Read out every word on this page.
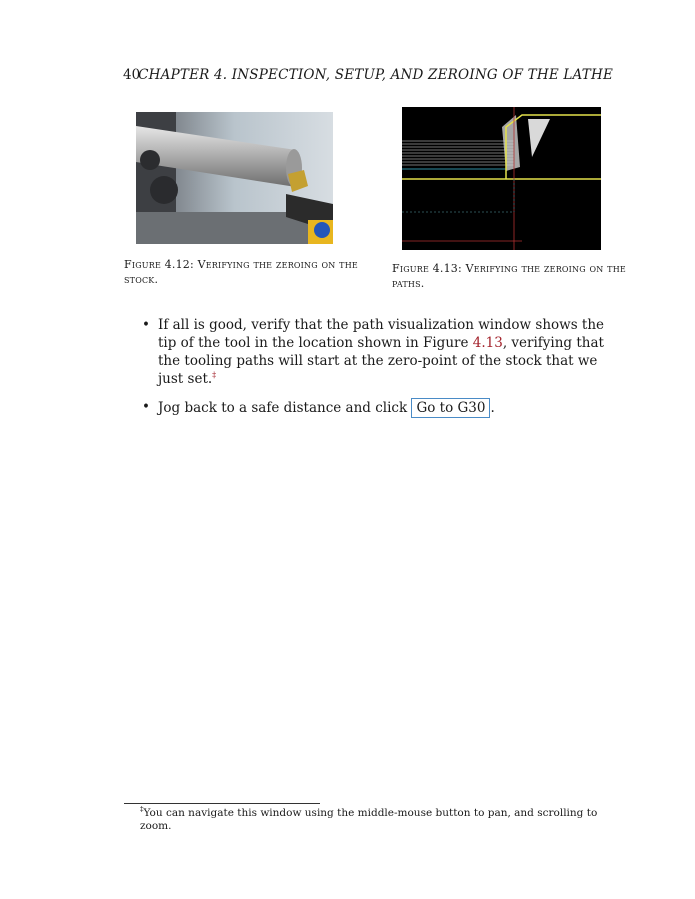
40
CHAPTER 4. INSPECTION, SETUP, AND ZEROING OF THE LATHE
Figure 4.12: Verifying the zeroing on the stock.
Figure 4.13: Verifying the zeroing on the paths.
• If all is good, verify that the path visualization window shows the tip of the tool in the location shown in Figure 4.13, verifying that the tooling paths will start at the zero-point of the stock that we just set.‡
• Jog back to a safe distance and click Go to G30 .
‡You can navigate this window using the middle-mouse button to pan, and scrolling to zoom.
